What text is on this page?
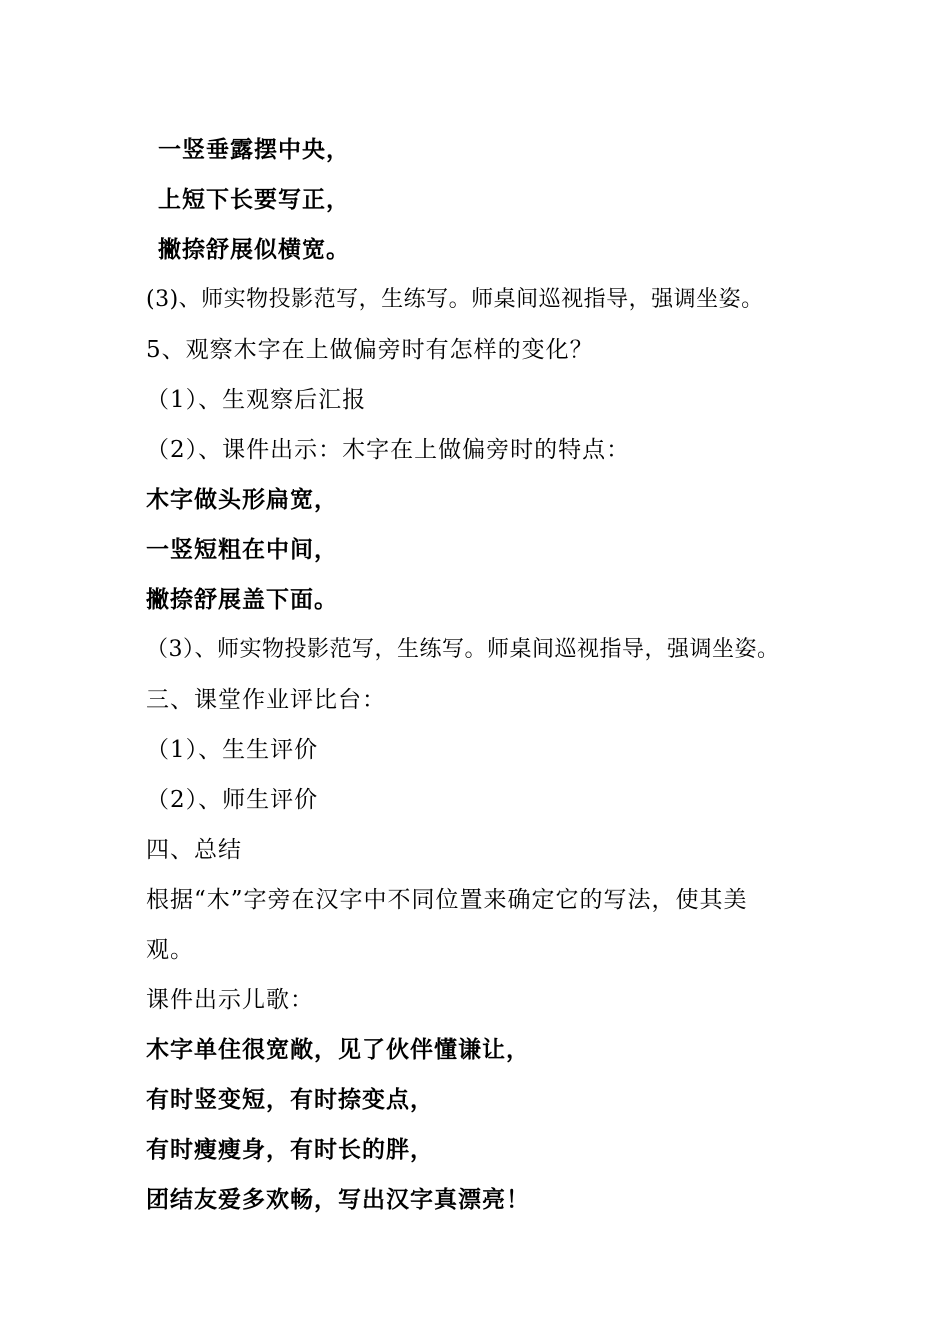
一竖垂露摆中央，
上短下长要写正，
撇捺舒展似横宽。
(3)、师实物投影范写，生练写。师桌间巡视指导，强调坐姿。
5、观察木字在上做偏旁时有怎样的变化？
（1）、生观察后汇报
（2）、课件出示：木字在上做偏旁时的特点：
木字做头形扁宽，
一竖短粗在中间，
撇捺舒展盖下面。
（3）、师实物投影范写，生练写。师桌间巡视指导，强调坐姿。
三、课堂作业评比台：
（1）、生生评价
（2）、师生评价
四、总结
根据“木”字旁在汉字中不同位置来确定它的写法，使其美
观。
课件出示儿歌：
木字单住很宽敞，见了伙伴懂谦让，
有时竖变短，有时捺变点，
有时瘦瘦身，有时长的胖，
团结友爱多欢畅，写出汉字真漂亮！
